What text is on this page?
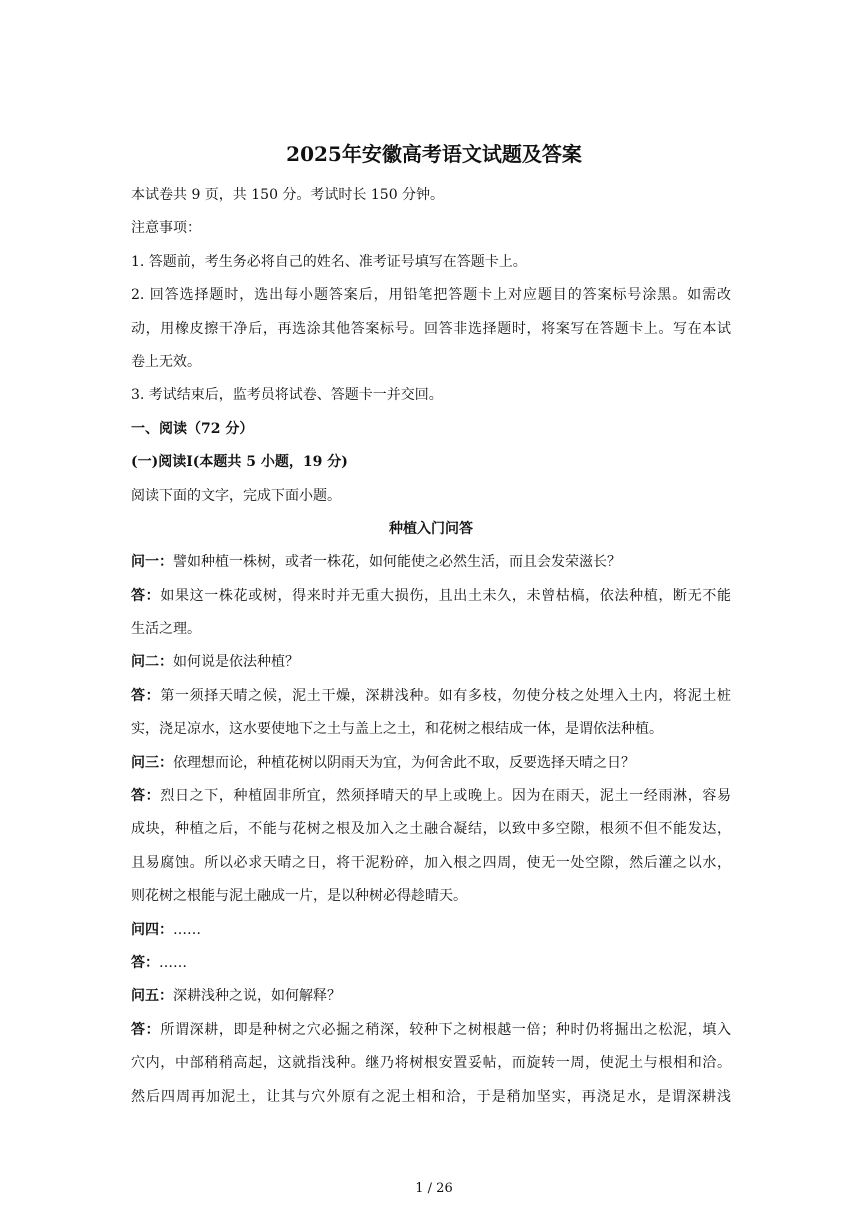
2025年安徽高考语文试题及答案
本试卷共 9 页，共 150 分。考试时长 150 分钟。
注意事项：
1. 答题前，考生务必将自己的姓名、准考证号填写在答题卡上。
2. 回答选择题时，选出每小题答案后，用铅笔把答题卡上对应题目的答案标号涂黑。如需改
动，用橡皮擦干净后，再选涂其他答案标号。回答非选择题时，将案写在答题卡上。写在本试
卷上无效。
3. 考试结束后，监考员将试卷、答题卡一并交回。
一、阅读（72 分）
(一)阅读I(本题共 5 小题，19 分)
阅读下面的文字，完成下面小题。
种植入门问答
问一：譬如种植一株树，或者一株花，如何能使之必然生活，而且会发荣滋长？
答：如果这一株花或树，得来时并无重大损伤，且出土未久，未曾枯槁，依法种植，断无不能
生活之理。
问二：如何说是依法种植？
答：第一须择天晴之候，泥土干燥，深耕浅种。如有多枝，勿使分枝之处埋入土内，将泥土桩
实，浇足凉水，这水要使地下之土与盖上之土，和花树之根结成一体，是谓依法种植。
问三：依理想而论，种植花树以阴雨天为宜，为何舍此不取，反要选择天晴之日？
答：烈日之下，种植固非所宜，然须择晴天的早上或晚上。因为在雨天，泥土一经雨淋，容易
成块，种植之后，不能与花树之根及加入之土融合凝结，以致中多空隙，根须不但不能发达，
且易腐蚀。所以必求天晴之日，将干泥粉碎，加入根之四周，使无一处空隙，然后灌之以水，
则花树之根能与泥土融成一片，是以种树必得趁晴天。
问四：……
答：……
问五：深耕浅种之说，如何解释？
答：所谓深耕，即是种树之穴必掘之稍深，较种下之树根越一倍；种时仍将掘出之松泥，填入
穴内，中部稍稍高起，这就指浅种。继乃将树根安置妥帖，而旋转一周，使泥土与根相和洽。
然后四周再加泥土，让其与穴外原有之泥土相和洽，于是稍加坚实，再浇足水，是谓深耕浅
1 / 26
